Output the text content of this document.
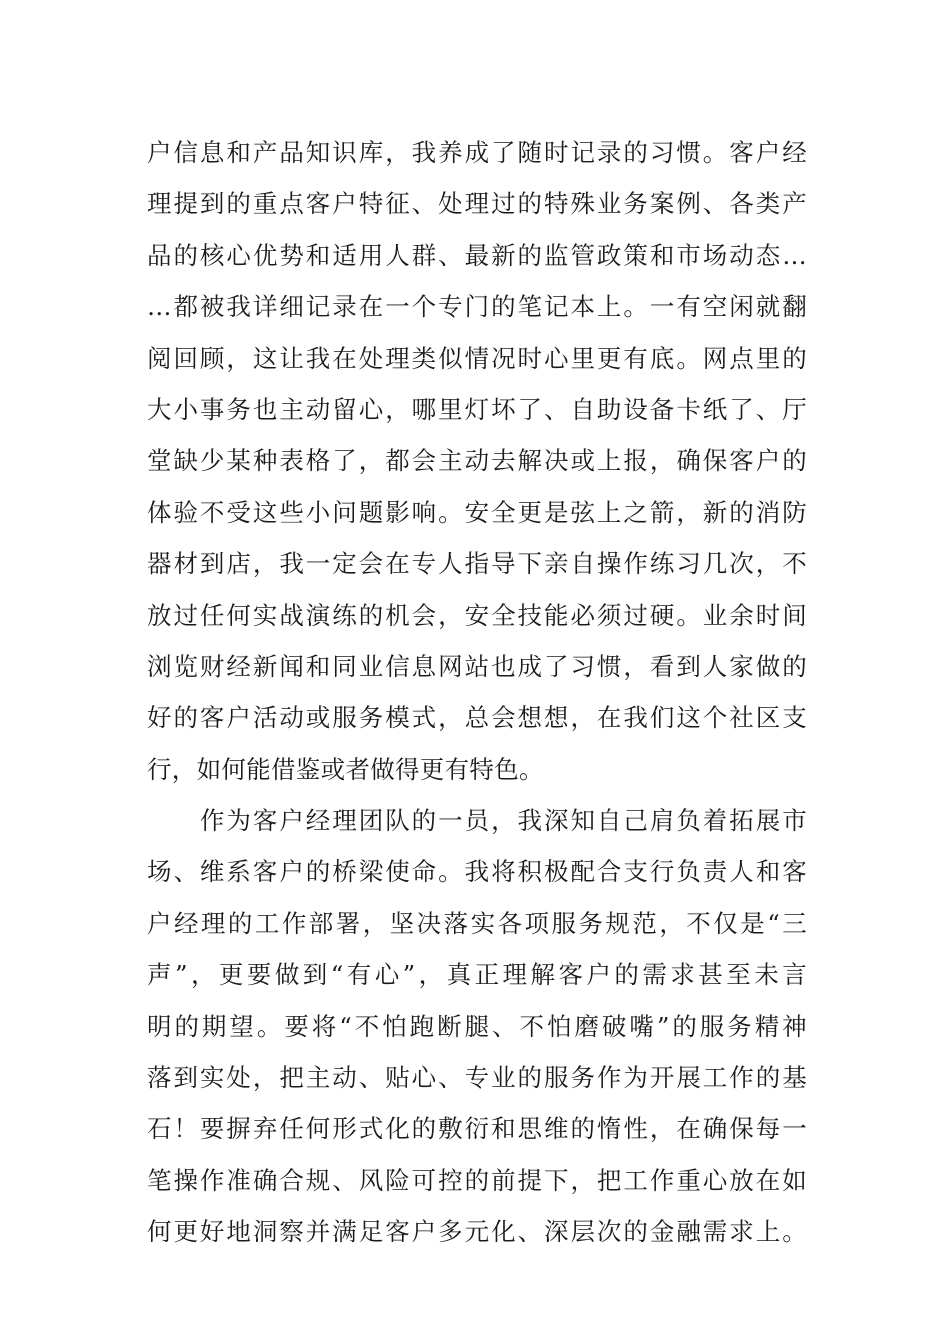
户信息和产品知识库，我养成了随时记录的习惯。客户经
理提到的重点客户特征、处理过的特殊业务案例、各类产
品的核心优势和适用人群、最新的监管政策和市场动态…
…都被我详细记录在一个专门的笔记本上。一有空闲就翻
阅回顾，这让我在处理类似情况时心里更有底。网点里的
大小事务也主动留心，哪里灯坏了、自助设备卡纸了、厅
堂缺少某种表格了，都会主动去解决或上报，确保客户的
体验不受这些小问题影响。安全更是弦上之箭，新的消防
器材到店，我一定会在专人指导下亲自操作练习几次，不
放过任何实战演练的机会，安全技能必须过硬。业余时间
浏览财经新闻和同业信息网站也成了习惯，看到人家做的
好的客户活动或服务模式，总会想想，在我们这个社区支
行，如何能借鉴或者做得更有特色。
　　作为客户经理团队的一员，我深知自己肩负着拓展市
场、维系客户的桥梁使命。我将积极配合支行负责人和客
户经理的工作部署，坚决落实各项服务规范，不仅是“三
声”，更要做到“有心”，真正理解客户的需求甚至未言
明的期望。要将“不怕跑断腿、不怕磨破嘴”的服务精神
落到实处，把主动、贴心、专业的服务作为开展工作的基
石！要摒弃任何形式化的敷衍和思维的惰性，在确保每一
笔操作准确合规、风险可控的前提下，把工作重心放在如
何更好地洞察并满足客户多元化、深层次的金融需求上。
